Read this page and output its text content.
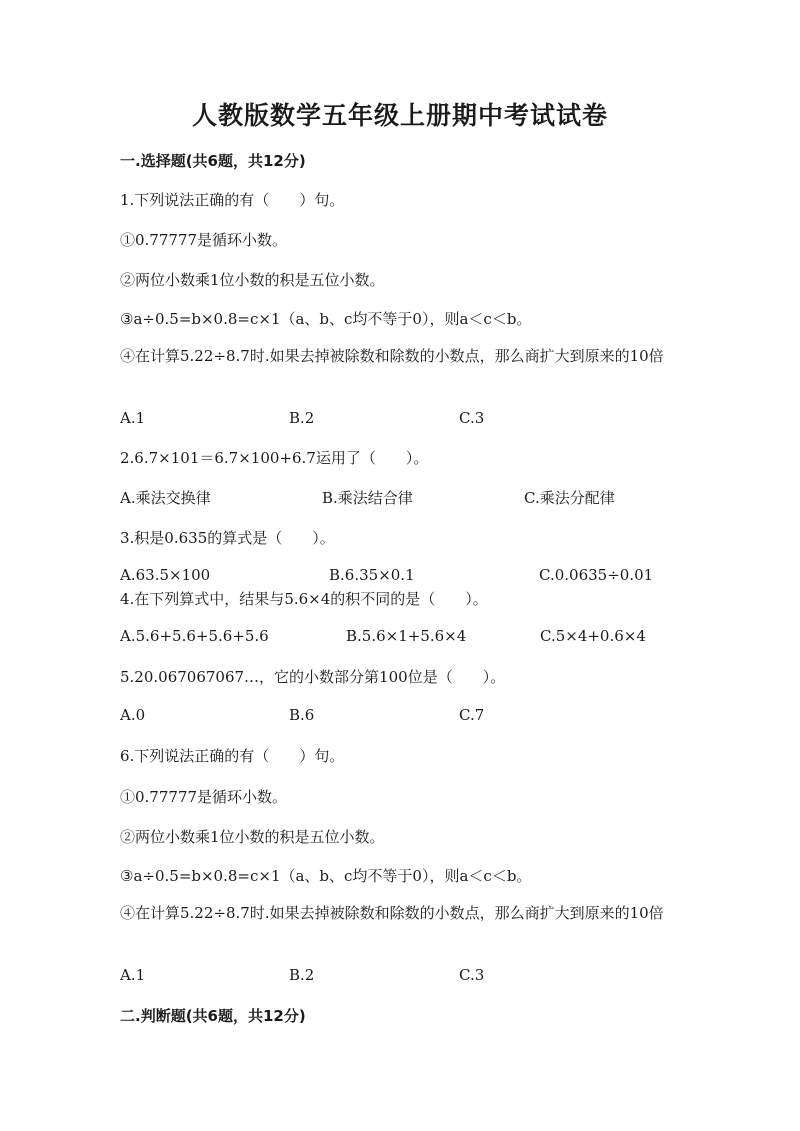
人教版数学五年级上册期中考试试卷
一.选择题(共6题，共12分)
1.下列说法正确的有（　　）句。
①0.77777是循环小数。
②两位小数乘1位小数的积是五位小数。
③a÷0.5=b×0.8=c×1（a、b、c均不等于0），则a＜c＜b。
④在计算5.22÷8.7时.如果去掉被除数和除数的小数点，那么商扩大到原来的10倍
A.1	B.2	C.3
2.6.7×101＝6.7×100+6.7运用了（　　）。
A.乘法交换律	B.乘法结合律	C.乘法分配律
3.积是0.635的算式是（　　）。
A.63.5×100	B.6.35×0.1	C.0.0635÷0.01
4.在下列算式中，结果与5.6×4的积不同的是（　　）。
A.5.6+5.6+5.6+5.6	B.5.6×1+5.6×4	C.5×4+0.6×4
5.20.067067067…，它的小数部分第100位是（　　）。
A.0	B.6	C.7
6.下列说法正确的有（　　）句。
①0.77777是循环小数。
②两位小数乘1位小数的积是五位小数。
③a÷0.5=b×0.8=c×1（a、b、c均不等于0），则a＜c＜b。
④在计算5.22÷8.7时.如果去掉被除数和除数的小数点，那么商扩大到原来的10倍
A.1	B.2	C.3
二.判断题(共6题，共12分)
